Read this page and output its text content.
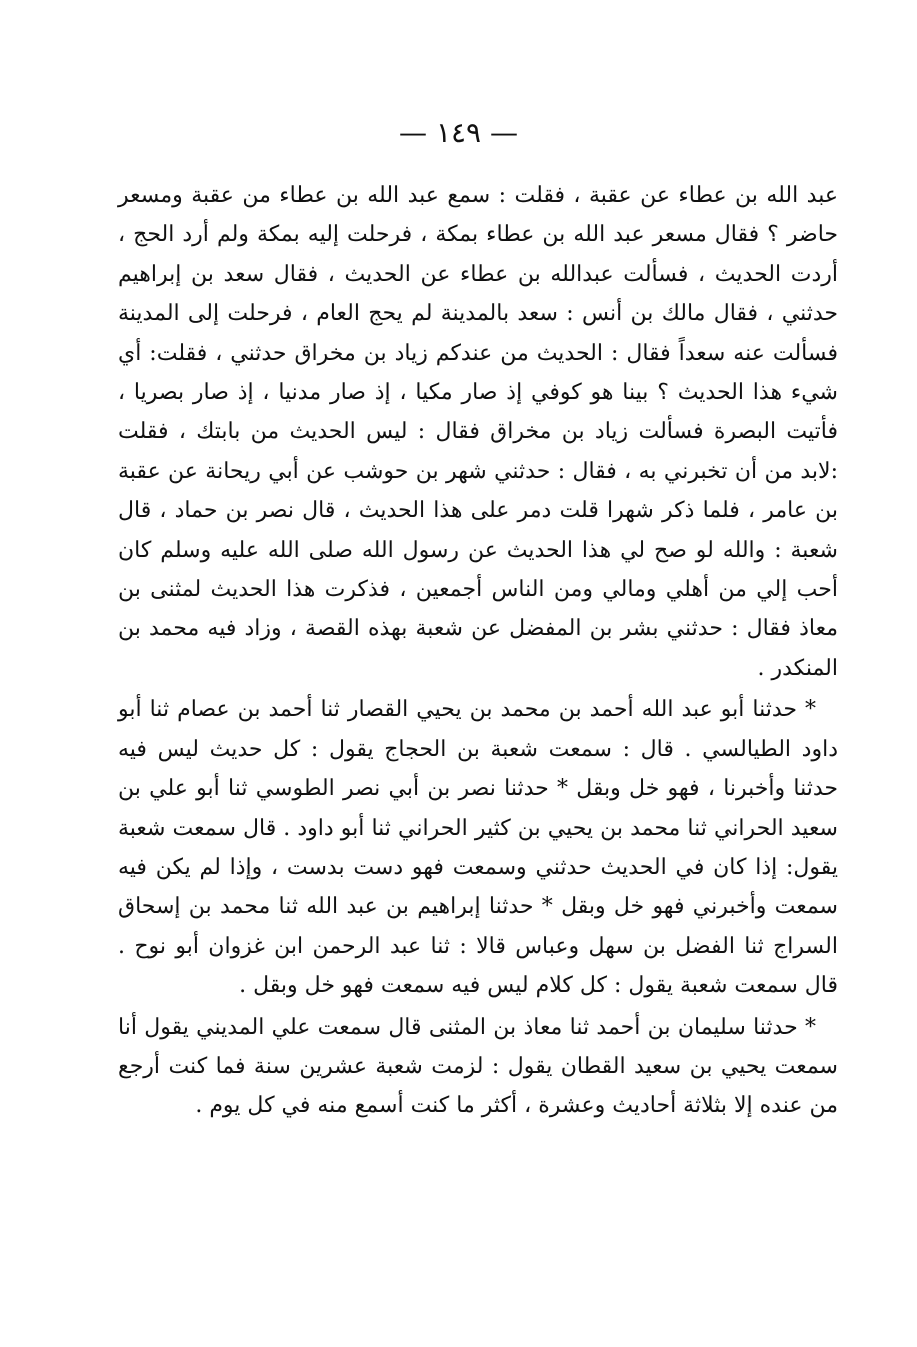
— ١٤٩ —

عبد الله بن عطاء عن عقبة ، فقلت : سمع عبد الله بن عطاء من عقبة ومسعر حاضر ؟ فقال مسعر عبد الله بن عطاء بمكة ، فرحلت إليه بمكة ولم أرد الحج ، أردت الحديث ، فسألت عبدالله بن عطاء عن الحديث ، فقال سعد بن إبراهيم حدثني ، فقال مالك بن أنس : سعد بالمدينة لم يحج العام ، فرحلت إلى المدينة فسألت عنه سعداً فقال : الحديث من عندكم زياد بن مخراق حدثني ، فقلت: أي شيء هذا الحديث ؟ بينا هو كوفي إذ صار مكيا ، إذ صار مدنيا ، إذ صار بصريا ، فأتيت البصرة فسألت زياد بن مخراق فقال : ليس الحديث من بابتك ، فقلت :لابد من أن تخبرني به ، فقال : حدثني شهر بن حوشب عن أبي ريحانة عن عقبة بن عامر ، فلما ذكر شهرا قلت دمر على هذا الحديث ، قال نصر بن حماد ، قال شعبة : والله لو صح لي هذا الحديث عن رسول الله صلى الله عليه وسلم كان أحب إلي من أهلي ومالي ومن الناس أجمعين ، فذكرت هذا الحديث لمثنى بن معاذ فقال : حدثني بشر بن المفضل عن شعبة بهذه القصة ، وزاد فيه محمد بن المنكدر .

* حدثنا أبو عبد الله أحمد بن محمد بن يحيي القصار ثنا أحمد بن عصام ثنا أبو داود الطيالسي . قال : سمعت شعبة بن الحجاج يقول : كل حديث ليس فيه حدثنا وأخبرنا ، فهو خل وبقل * حدثنا نصر بن أبي نصر الطوسي ثنا أبو علي بن سعيد الحراني ثنا محمد بن يحيي بن كثير الحراني ثنا أبو داود . قال سمعت شعبة يقول: إذا كان في الحديث حدثني وسمعت فهو دست بدست ، وإذا لم يكن فيه سمعت وأخبرني فهو خل وبقل * حدثنا إبراهيم بن عبد الله ثنا محمد بن إسحاق السراج ثنا الفضل بن سهل وعباس قالا : ثنا عبد الرحمن ابن غزوان أبو نوح . قال سمعت شعبة يقول : كل كلام ليس فيه سمعت فهو خل وبقل .

* حدثنا سليمان بن أحمد ثنا معاذ بن المثنى قال سمعت علي المديني يقول أنا سمعت يحيي بن سعيد القطان يقول : لزمت شعبة عشرين سنة فما كنت أرجع من عنده إلا بثلاثة أحاديث وعشرة ، أكثر ما كنت أسمع منه في كل يوم .
